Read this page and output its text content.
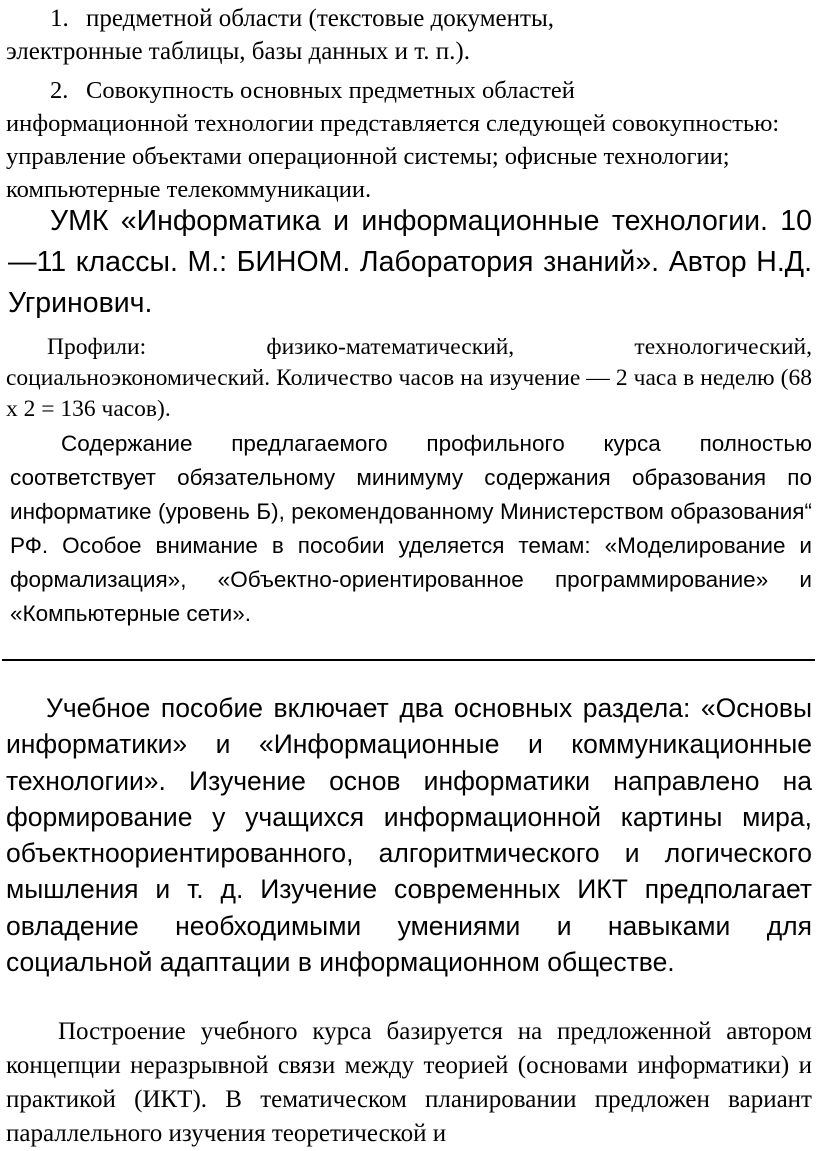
1. предметной области (текстовые документы,
электронные таблицы, базы данных и т. п.).
2. Совокупность основных предметных областей
информационной технологии представляется следующей совокупностью: управление объектами операционной системы; офисные технологии; компьютерные телекоммуникации.

УМК «Информатика и информационные технологии. 10—11 классы. М.: БИНОМ. Лаборатория знаний». Автор Н.Д. Угринович.

Профили: физико-математический, технологический, социальноэкономический. Количество часов на изучение — 2 часа в неделю (68 х 2 = 136 часов).

Содержание предлагаемого профильного курса полностью соответствует обязательному минимуму содержания образования по информатике (уровень Б), рекомендованному Министерством образования“ РФ. Особое внимание в пособии уделяется темам: «Моделирование и формализация», «Объектно-ориентированное программирование» и «Компьютерные сети».

Учебное пособие включает два основных раздела: «Основы информатики» и «Информационные и коммуникационные технологии». Изучение основ информатики направлено на формирование у учащихся информационной картины мира, объектноориентированного, алгоритмического и логического мышления и т. д. Изучение современных ИКТ предполагает овладение необходимыми умениями и навыками для социальной адаптации в информационном обществе.

Построение учебного курса базируется на предложенной автором концепции неразрывной связи между теорией (основами информатики) и практикой (ИКТ). В тематическом планировании предложен вариант параллельного изучения теоретической и
